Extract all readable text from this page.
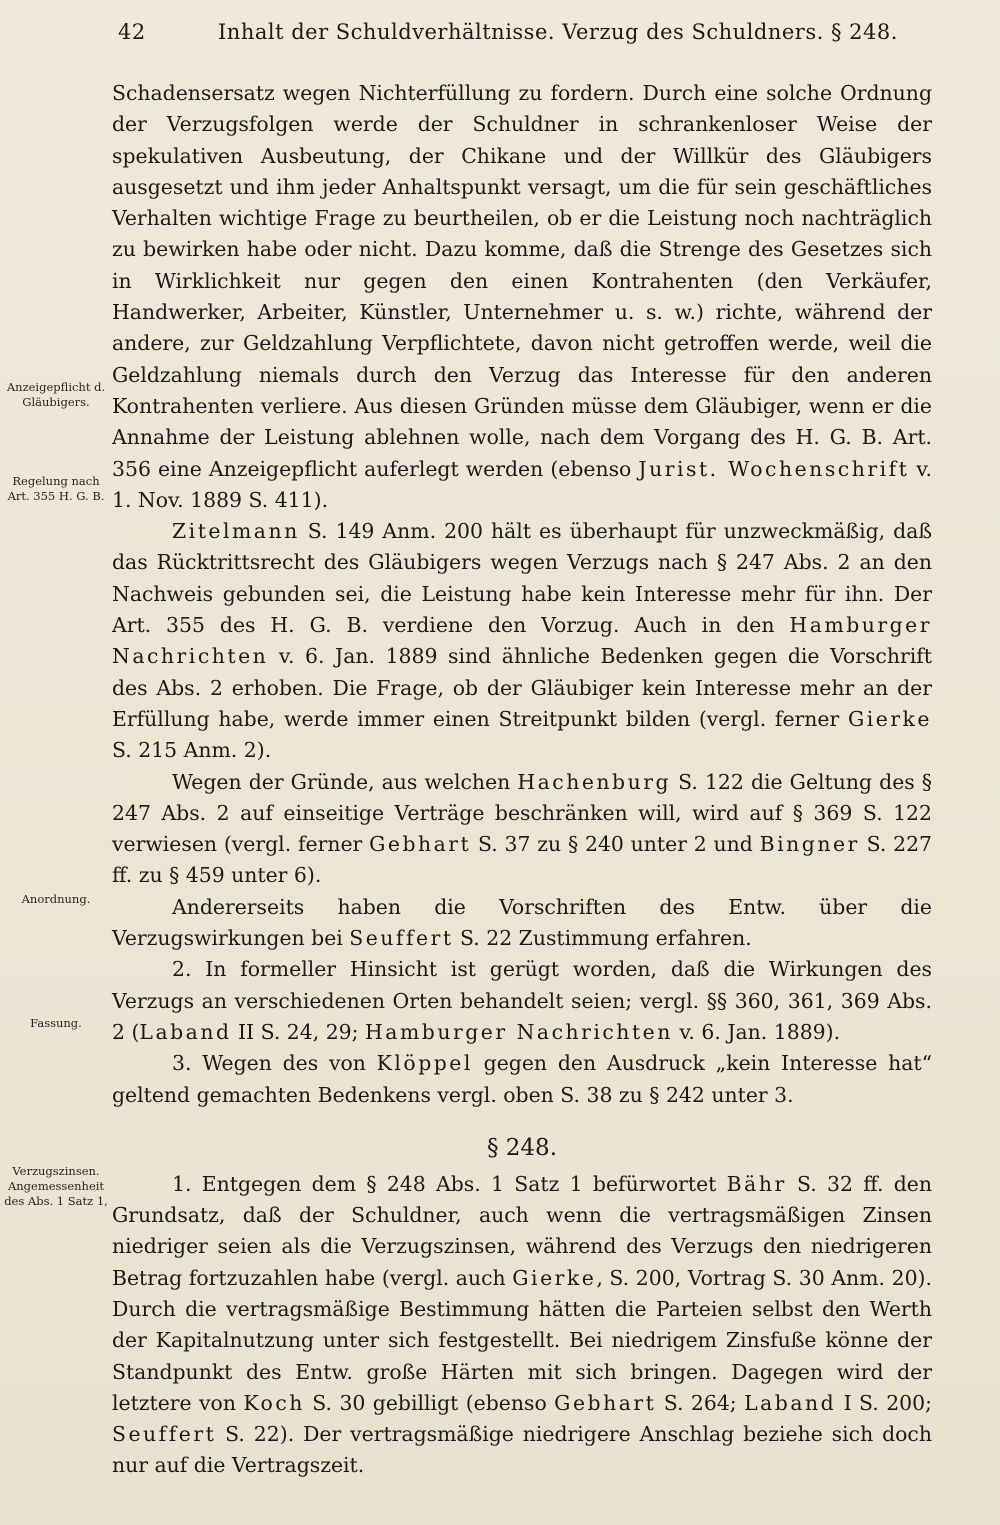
42	Inhalt der Schuldverhältnisse. Verzug des Schuldners. § 248.
Anzeigepflicht d. Gläubigers.
Regelung nach Art. 355 H. G. B.
Anordnung.
Fassung.
Verzugszinsen. Angemessenheit des Abs. 1 Satz 1,

Schadensersatz wegen Nichterfüllung zu fordern. Durch eine solche Ordnung der Verzugsfolgen werde der Schuldner in schrankenloser Weise der spekulativen Ausbeutung, der Chikane und der Willkür des Gläubigers ausgesetzt und ihm jeder Anhaltspunkt versagt, um die für sein geschäftliches Verhalten wichtige Frage zu beurtheilen, ob er die Leistung noch nachträglich zu bewirken habe oder nicht. Dazu komme, daß die Strenge des Gesetzes sich in Wirklichkeit nur gegen den einen Kontrahenten (den Verkäufer, Handwerker, Arbeiter, Künstler, Unternehmer u. s. w.) richte, während der andere, zur Geldzahlung Verpflichtete, davon nicht getroffen werde, weil die Geldzahlung niemals durch den Verzug das Interesse für den anderen Kontrahenten verliere. Aus diesen Gründen müsse dem Gläubiger, wenn er die Annahme der Leistung ablehnen wolle, nach dem Vorgang des H. G. B. Art. 356 eine Anzeigepflicht auferlegt werden (ebenso Jurist. Wochenschrift v. 1. Nov. 1889 S. 411).

Zitelmann S. 149 Anm. 200 hält es überhaupt für unzweckmäßig, daß das Rücktrittsrecht des Gläubigers wegen Verzugs nach § 247 Abs. 2 an den Nachweis gebunden sei, die Leistung habe kein Interesse mehr für ihn. Der Art. 355 des H. G. B. verdiene den Vorzug. Auch in den Hamburger Nachrichten v. 6. Jan. 1889 sind ähnliche Bedenken gegen die Vorschrift des Abs. 2 erhoben. Die Frage, ob der Gläubiger kein Interesse mehr an der Erfüllung habe, werde immer einen Streitpunkt bilden (vergl. ferner Gierke S. 215 Anm. 2).

Wegen der Gründe, aus welchen Hachenburg S. 122 die Geltung des § 247 Abs. 2 auf einseitige Verträge beschränken will, wird auf § 369 S. 122 verwiesen (vergl. ferner Gebhart S. 37 zu § 240 unter 2 und Bingner S. 227 ff. zu § 459 unter 6).

Andererseits haben die Vorschriften des Entw. über die Verzugswirkungen bei Seuffert S. 22 Zustimmung erfahren.

2. In formeller Hinsicht ist gerügt worden, daß die Wirkungen des Verzugs an verschiedenen Orten behandelt seien; vergl. §§ 360, 361, 369 Abs. 2 (Laband II S. 24, 29; Hamburger Nachrichten v. 6. Jan. 1889).

3. Wegen des von Klöppel gegen den Ausdruck „kein Interesse hat“ geltend gemachten Bedenkens vergl. oben S. 38 zu § 242 unter 3.

§ 248.

1. Entgegen dem § 248 Abs. 1 Satz 1 befürwortet Bähr S. 32 ff. den Grundsatz, daß der Schuldner, auch wenn die vertragsmäßigen Zinsen niedriger seien als die Verzugszinsen, während des Verzugs den niedrigeren Betrag fortzuzahlen habe (vergl. auch Gierke, S. 200, Vortrag S. 30 Anm. 20). Durch die vertragsmäßige Bestimmung hätten die Parteien selbst den Werth der Kapitalnutzung unter sich festgestellt. Bei niedrigem Zinsfuße könne der Standpunkt des Entw. große Härten mit sich bringen. Dagegen wird der letztere von Koch S. 30 gebilligt (ebenso Gebhart S. 264; Laband I S. 200; Seuffert S. 22). Der vertragsmäßige niedrigere Anschlag beziehe sich doch nur auf die Vertragszeit.
